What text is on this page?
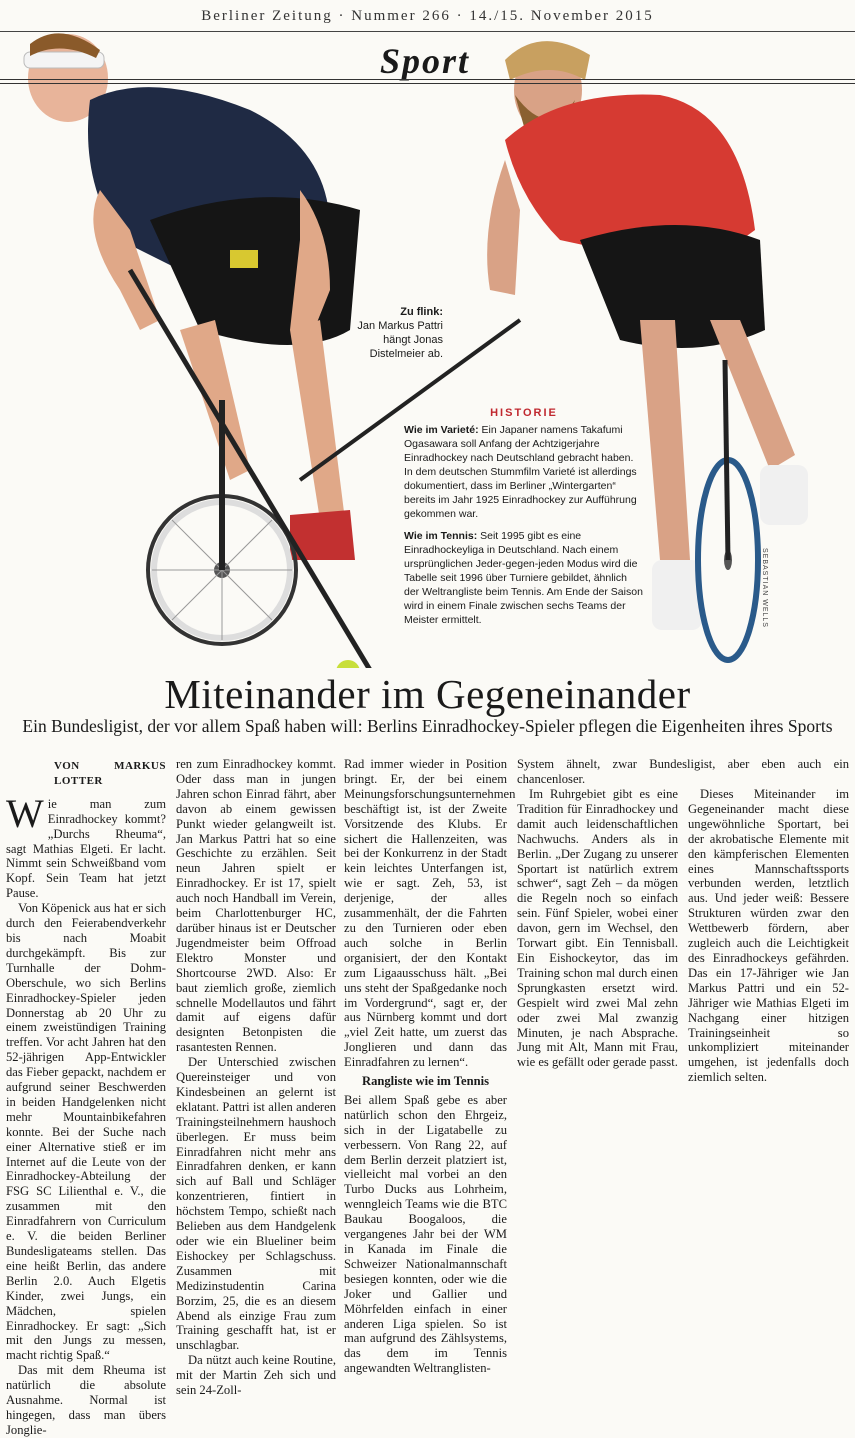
Berliner Zeitung · Nummer 266 · 14./15. November 2015
Sport
Zu flink:
Jan Markus Pattri hängt Jonas Distelmeier ab.
HISTORIE

Wie im Varieté: Ein Japaner namens Takafumi Ogasawara soll Anfang der Achtzigerjahre Einradhockey nach Deutschland gebracht haben. In dem deutschen Stummfilm Varieté ist allerdings dokumentiert, dass im Berliner „Wintergarten“ bereits im Jahr 1925 Einradhockey zur Aufführung gekommen war.

Wie im Tennis: Seit 1995 gibt es eine Einradhockeyliga in Deutschland. Nach einem ursprünglichen Jeder-gegen-jeden Modus wird die Tabelle seit 1996 über Turniere gebildet, ähnlich der Weltrangliste beim Tennis. Am Ende der Saison wird in einem Finale zwischen sechs Teams der Meister ermittelt.	SEBASTIAN WELLS
Miteinander im Gegeneinander
Ein Bundesligist, der vor allem Spaß haben will: Berlins Einradhockey-Spieler pflegen die Eigenheiten ihres Sports
VON MARKUS LOTTER

Wie man zum Einradhockey kommt? „Durchs Rheuma“, sagt Mathias Elgeti. Er lacht. Nimmt sein Schweißband vom Kopf. Sein Team hat jetzt Pause.

Von Köpenick aus hat er sich durch den Feierabendverkehr bis nach Moabit durchgekämpft. Bis zur Turnhalle der Dohm-Oberschule, wo sich Berlins Einradhockey-Spieler jeden Donnerstag ab 20 Uhr zu einem zweistündigen Training treffen. Vor acht Jahren hat den 52-jährigen App-Entwickler das Fieber gepackt, nachdem er aufgrund seiner Beschwerden in beiden Handgelenken nicht mehr Mountainbikefahren konnte. Bei der Suche nach einer Alternative stieß er im Internet auf die Leute von der Einradhockey-Abteilung der FSG SC Lilienthal e. V., die zusammen mit den Einradfahrern von Curriculum e. V. die beiden Berliner Bundesligateams stellen. Das eine heißt Berlin, das andere Berlin 2.0. Auch Elgetis Kinder, zwei Jungs, ein Mädchen, spielen Einradhockey. Er sagt: „Sich mit den Jungs zu messen, macht richtig Spaß.“

Das mit dem Rheuma ist natürlich die absolute Ausnahme. Normal ist hingegen, dass man übers Jonglie-

ren zum Einradhockey kommt. Oder dass man in jungen Jahren schon Einrad fährt, aber davon ab einem gewissen Punkt wieder gelangweilt ist. Jan Markus Pattri hat so eine Geschichte zu erzählen. Seit neun Jahren spielt er Einradhockey. Er ist 17, spielt auch noch Handball im Verein, beim Charlottenburger HC, darüber hinaus ist er Deutscher Jugendmeister beim Offroad Elektro Monster und Shortcourse 2WD. Also: Er baut ziemlich große, ziemlich schnelle Modellautos und fährt damit auf eigens dafür designten Betonpisten die rasantesten Rennen.

Der Unterschied zwischen Quereinsteiger und von Kindesbeinen an gelernt ist eklatant. Pattri ist allen anderen Trainingsteilnehmern haushoch überlegen. Er muss beim Einradfahren nicht mehr ans Einradfahren denken, er kann sich auf Ball und Schläger konzentrieren, fintiert in höchstem Tempo, schießt nach Belieben aus dem Handgelenk oder wie ein Blueliner beim Eishockey per Schlagschuss. Zusammen mit Medizinstudentin Carina Borzim, 25, die es an diesem Abend als einzige Frau zum Training geschafft hat, ist er unschlagbar.

Da nützt auch keine Routine, mit der Martin Zeh sich und sein 24-Zoll-

Rad immer wieder in Position bringt. Er, der bei einem Meinungsforschungsunternehmen beschäftigt ist, ist der Zweite Vorsitzende des Klubs. Er sichert die Hallenzeiten, was bei der Konkurrenz in der Stadt kein leichtes Unterfangen ist, wie er sagt. Zeh, 53, ist derjenige, der alles zusammenhält, der die Fahrten zu den Turnieren oder eben auch solche in Berlin organisiert, der den Kontakt zum Ligaausschuss hält. „Bei uns steht der Spaßgedanke noch im Vordergrund“, sagt er, der aus Nürnberg kommt und dort „viel Zeit hatte, um zuerst das Jonglieren und dann das Einradfahren zu lernen“.

Rangliste wie im Tennis

Bei allem Spaß gebe es aber natürlich schon den Ehrgeiz, sich in der Ligatabelle zu verbessern. Von Rang 22, auf dem Berlin derzeit platziert ist, vielleicht mal vorbei an den Turbo Ducks aus Lohrheim, wenngleich Teams wie die BTC Baukau Boogaloos, die vergangenes Jahr bei der WM in Kanada im Finale die Schweizer Nationalmannschaft besiegen konnten, oder wie die Joker und Gallier und Möhrfelden einfach in einer anderen Liga spielen. So ist man aufgrund des Zählsystems, das dem im Tennis angewandten Weltranglisten-

System ähnelt, zwar Bundesligist, aber eben auch ein chancenloser.

Im Ruhrgebiet gibt es eine Tradition für Einradhockey und damit auch leidenschaftlichen Nachwuchs. Anders als in Berlin. „Der Zugang zu unserer Sportart ist natürlich extrem schwer“, sagt Zeh – da mögen die Regeln noch so einfach sein. Fünf Spieler, wobei einer davon, gern im Wechsel, den Torwart gibt. Ein Tennisball. Ein Eishockeytor, das im Training schon mal durch einen Sprungkasten ersetzt wird. Gespielt wird zwei Mal zehn oder zwei Mal zwanzig Minuten, je nach Absprache. Jung mit Alt, Mann mit Frau, wie es gefällt oder gerade passt.

Dieses Miteinander im Gegeneinander macht diese ungewöhnliche Sportart, bei der akrobatische Elemente mit den kämpferischen Elementen eines Mannschaftssports verbunden werden, letztlich aus. Und jeder weiß: Bessere Strukturen würden zwar den Wettbewerb fördern, aber zugleich auch die Leichtigkeit des Einradhockeys gefährden. Das ein 17-Jähriger wie Jan Markus Pattri und ein 52-Jähriger wie Mathias Elgeti im Nachgang einer hitzigen Trainingseinheit so unkompliziert miteinander umgehen, ist jedenfalls doch ziemlich selten.
